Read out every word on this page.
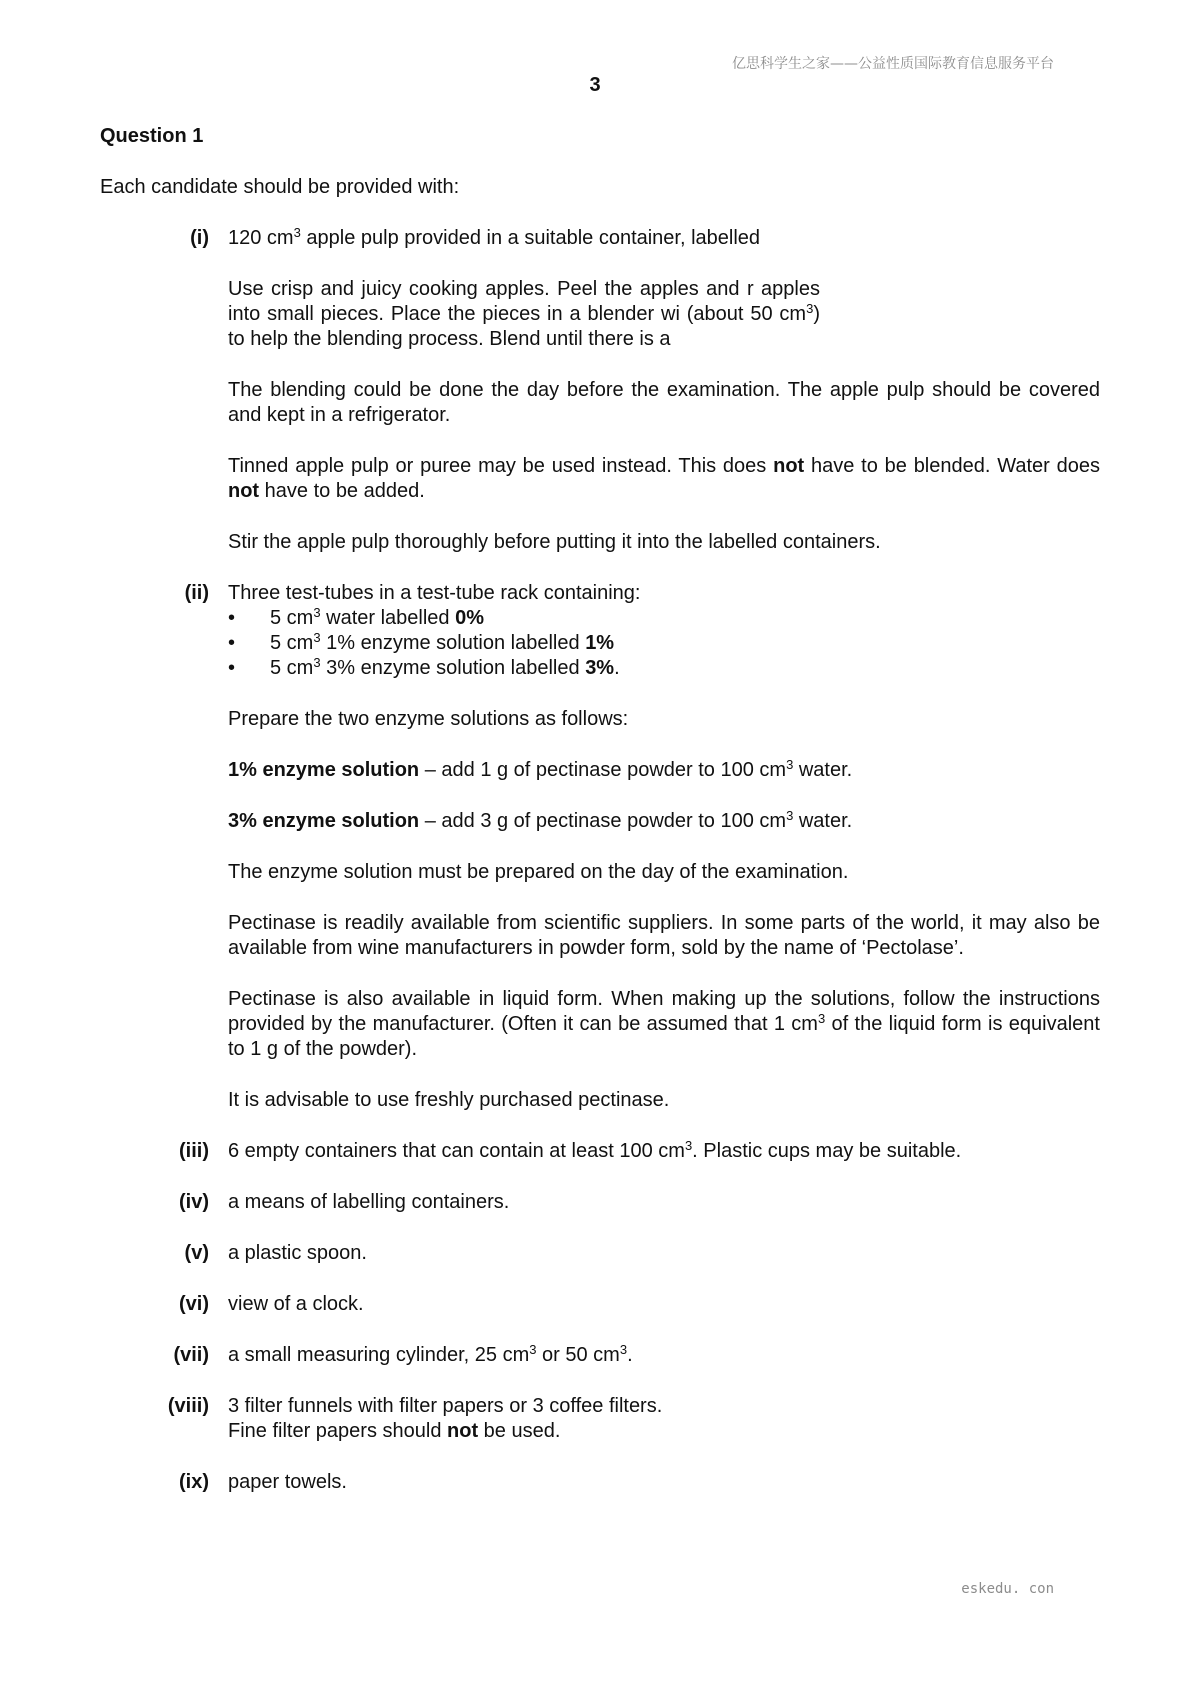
亿思科学生之家——公益性质国际教育信息服务平台
3
Question 1
Each candidate should be provided with:
(i) 120 $cm^3$ apple pulp provided in a suitable container, labelled

Use crisp and juicy cooking apples. Peel the apples and r apples into small pieces. Place the pieces in a blender wi (about 50 $cm^3$) to help the blending process. Blend until there is a

The blending could be done the day before the examination. The apple pulp should be covered and kept in a refrigerator.

Tinned apple pulp or puree may be used instead. This does not have to be blended. Water does not have to be added.

Stir the apple pulp thoroughly before putting it into the labelled containers.

(ii) Three test-tubes in a test-tube rack containing:
• 5 $cm^3$ water labelled 0%
• 5 $cm^3$ 1% enzyme solution labelled 1%
• 5 $cm^3$ 3% enzyme solution labelled 3%.

Prepare the two enzyme solutions as follows:

1% enzyme solution – add 1 g of pectinase powder to 100 $cm^3$ water.

3% enzyme solution – add 3 g of pectinase powder to 100 $cm^3$ water.

The enzyme solution must be prepared on the day of the examination.

Pectinase is readily available from scientific suppliers. In some parts of the world, it may also be available from wine manufacturers in powder form, sold by the name of ‘Pectolase’.

Pectinase is also available in liquid form. When making up the solutions, follow the instructions provided by the manufacturer. (Often it can be assumed that 1 $cm^3$ of the liquid form is equivalent to 1 g of the powder).

It is advisable to use freshly purchased pectinase.

(iii) 6 empty containers that can contain at least 100 $cm^3$. Plastic cups may be suitable.

(iv) a means of labelling containers.

(v) a plastic spoon.

(vi) view of a clock.

(vii) a small measuring cylinder, 25 $cm^3$ or 50 $cm^3$.

(viii) 3 filter funnels with filter papers or 3 coffee filters.
Fine filter papers should not be used.

(ix) paper towels.

eskedu. con
